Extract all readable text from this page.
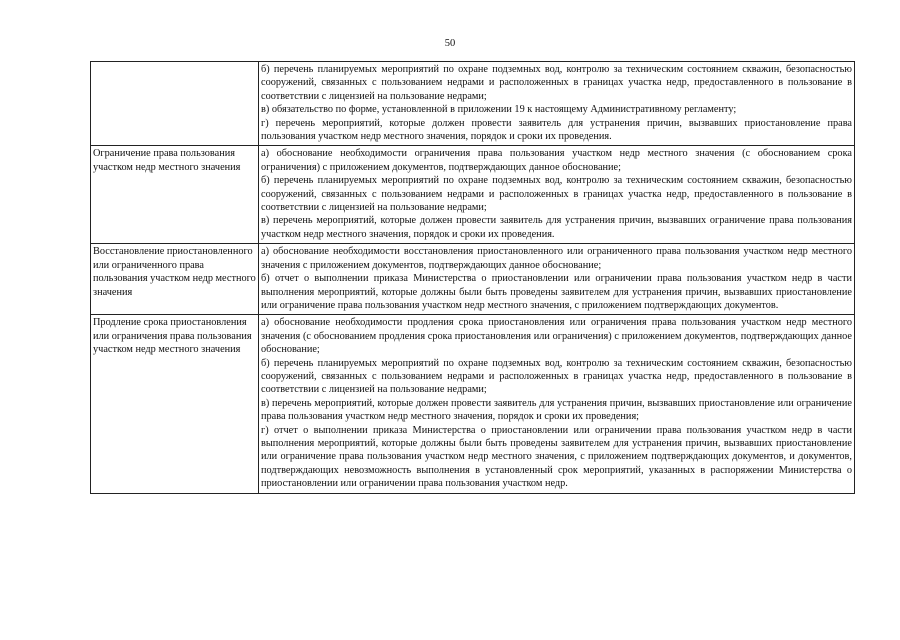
50

	б) перечень планируемых мероприятий по охране подземных вод, контролю за техническим состоянием скважин, безопасностью сооружений, связанных с пользованием недрами и расположенных в границах участка недр, предоставленного в пользование в соответствии с лицензией на пользование недрами;
в) обязательство по форме, установленной в приложении 19 к настоящему Административному регламенту;
г) перечень мероприятий, которые должен провести заявитель для устранения причин, вызвавших приостановление права пользования участком недр местного значения, порядок и сроки их проведения.

Ограничение права пользования участком недр местного значения	а) обоснование необходимости ограничения права пользования участком недр местного значения (с обоснованием срока ограничения) с приложением документов, подтверждающих данное обоснование;
б) перечень планируемых мероприятий по охране подземных вод, контролю за техническим состоянием скважин, безопасностью сооружений, связанных с пользованием недрами и расположенных в границах участка недр, предоставленного в пользование в соответствии с лицензией на пользование недрами;
в) перечень мероприятий, которые должен провести заявитель для устранения причин, вызвавших ограничение права пользования участком недр местного значения, порядок и сроки их проведения.

Восстановление приостановленного или ограниченного права пользования участком недр местного значения	а) обоснование необходимости восстановления приостановленного или ограниченного права пользования участком недр местного значения с приложением документов, подтверждающих данное обоснование;
б) отчет о выполнении приказа Министерства о приостановлении или ограничении права пользования участком недр в части выполнения мероприятий, которые должны были быть проведены заявителем для устранения причин, вызвавших приостановление или ограничение права пользования участком недр местного значения, с приложением подтверждающих документов.

Продление срока приостановления или ограничения права пользования участком недр местного значения	а) обоснование необходимости продления срока приостановления или ограничения права пользования участком недр местного значения (с обоснованием продления срока приостановления или ограничения) с приложением документов, подтверждающих данное обоснование;
б) перечень планируемых мероприятий по охране подземных вод, контролю за техническим состоянием скважин, безопасностью сооружений, связанных с пользованием недрами и расположенных в границах участка недр, предоставленного в пользование в соответствии с лицензией на пользование недрами;
в) перечень мероприятий, которые должен провести заявитель для устранения причин, вызвавших приостановление или ограничение права пользования участком недр местного значения, порядок и сроки их проведения;
г) отчет о выполнении приказа Министерства о приостановлении или ограничении права пользования участком недр в части выполнения мероприятий, которые должны были быть проведены заявителем для устранения причин, вызвавших приостановление или ограничение права пользования участком недр местного значения, с приложением подтверждающих документов, и документов, подтверждающих невозможность выполнения в установленный срок мероприятий, указанных в распоряжении Министерства о приостановлении или ограничении права пользования участком недр.
